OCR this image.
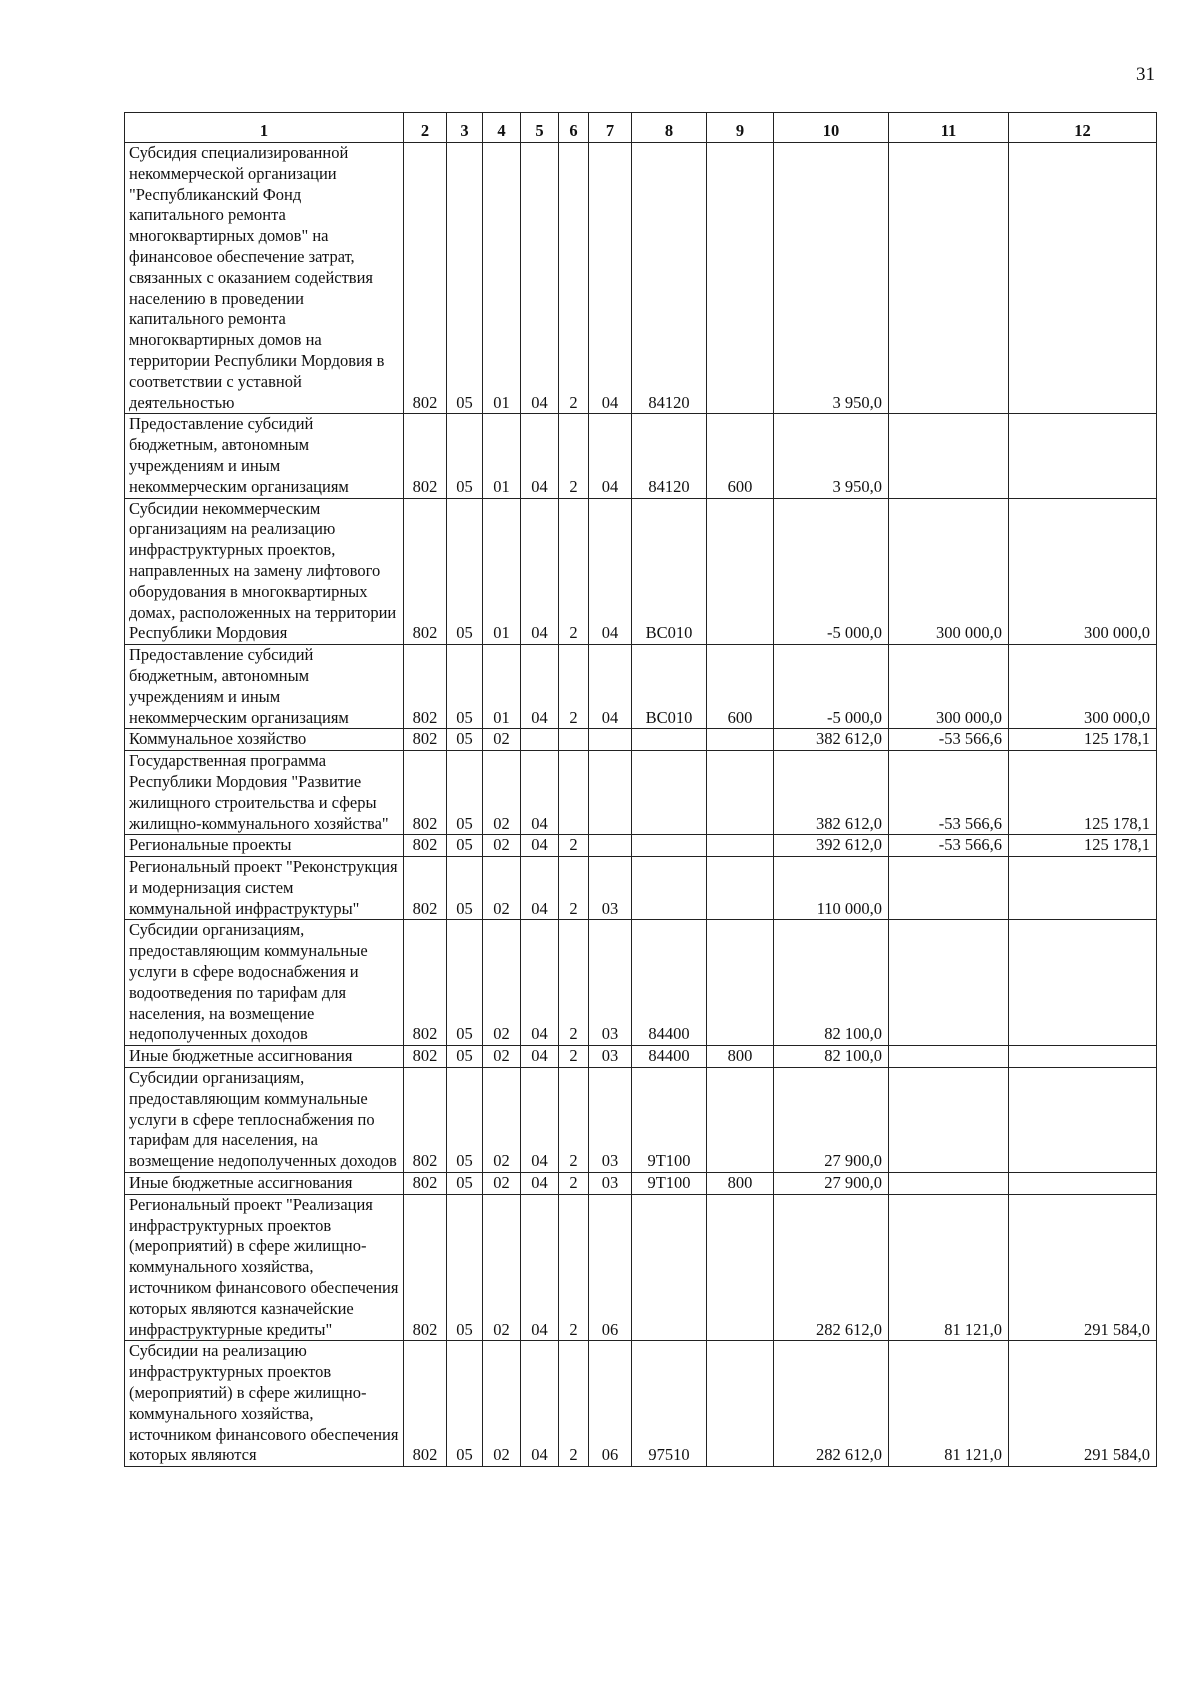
31
1	2	3	4	5	6	7	8	9	10	11	12
Субсидия специализированной некоммерческой организации "Республиканский Фонд капитального ремонта многоквартирных домов" на финансовое обеспечение затрат, связанных с оказанием содействия населению в проведении капитального ремонта многоквартирных домов на территории Республики Мордовия в соответствии с уставной деятельностью	802	05	01	04	2	04	84120		3 950,0		
Предоставление субсидий бюджетным, автономным учреждениям и иным некоммерческим организациям	802	05	01	04	2	04	84120	600	3 950,0		
Субсидии некоммерческим организациям на реализацию инфраструктурных проектов, направленных на замену лифтового оборудования в многоквартирных домах, расположенных на территории Республики Мордовия	802	05	01	04	2	04	BC010		-5 000,0	300 000,0	300 000,0
Предоставление субсидий бюджетным, автономным учреждениям и иным некоммерческим организациям	802	05	01	04	2	04	BC010	600	-5 000,0	300 000,0	300 000,0
Коммунальное хозяйство	802	05	02						382 612,0	-53 566,6	125 178,1
Государственная программа Республики Мордовия "Развитие жилищного строительства и сферы жилищно-коммунального хозяйства"	802	05	02	04					382 612,0	-53 566,6	125 178,1
Региональные проекты	802	05	02	04	2				392 612,0	-53 566,6	125 178,1
Региональный проект "Реконструкция и модернизация систем коммунальной инфраструктуры"	802	05	02	04	2	03			110 000,0		
Субсидии организациям, предоставляющим коммунальные услуги в сфере водоснабжения и водоотведения по тарифам для населения, на возмещение недополученных доходов	802	05	02	04	2	03	84400		82 100,0		
Иные бюджетные ассигнования	802	05	02	04	2	03	84400	800	82 100,0		
Субсидии организациям, предоставляющим коммунальные услуги в сфере теплоснабжения по тарифам для населения, на возмещение недополученных доходов	802	05	02	04	2	03	9T100		27 900,0		
Иные бюджетные ассигнования	802	05	02	04	2	03	9T100	800	27 900,0		
Региональный проект "Реализация инфраструктурных проектов (мероприятий) в сфере жилищно-коммунального хозяйства, источником финансового обеспечения которых являются казначейские инфраструктурные кредиты"	802	05	02	04	2	06			282 612,0	81 121,0	291 584,0
Субсидии на реализацию инфраструктурных проектов (мероприятий) в сфере жилищно-коммунального хозяйства, источником финансового обеспечения которых являются	802	05	02	04	2	06	97510		282 612,0	81 121,0	291 584,0
